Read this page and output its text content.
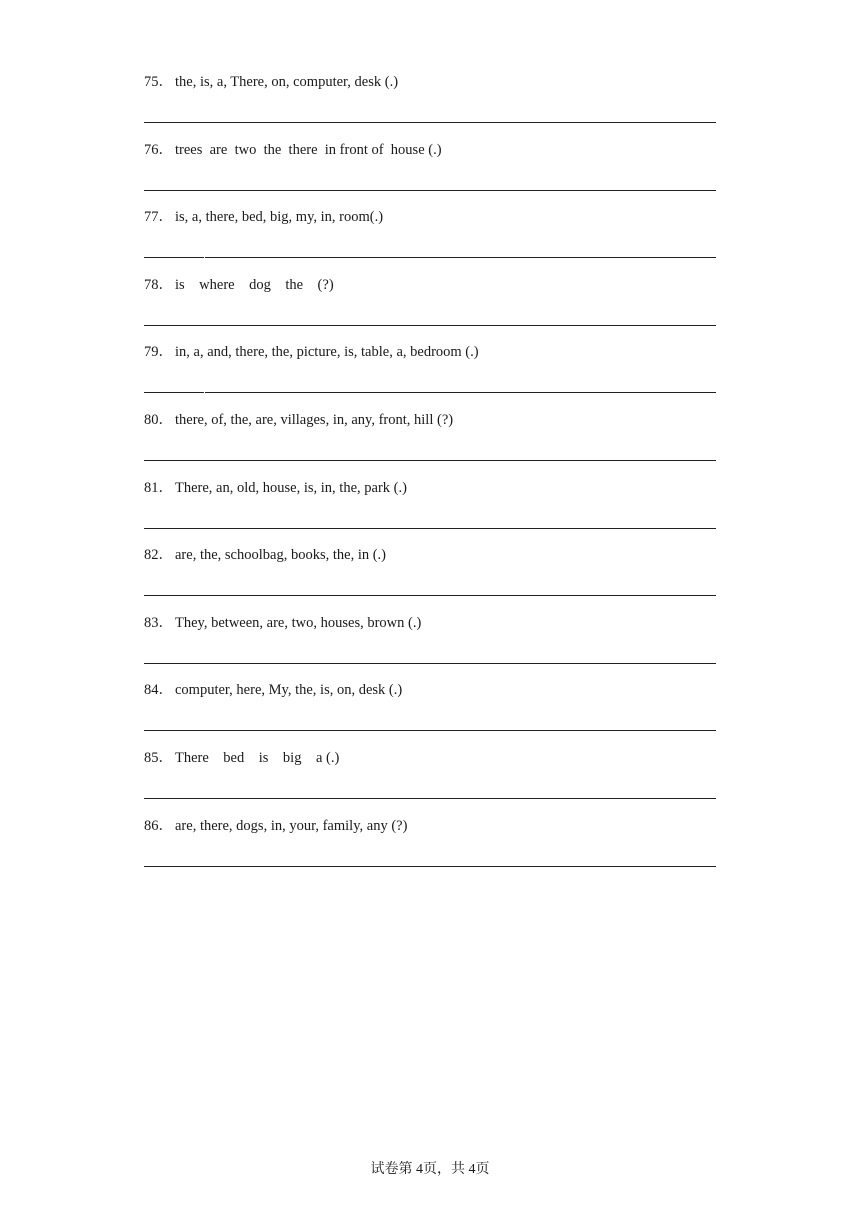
75． the, is, a, There, on, computer, desk (.)
76． trees  are  two  the  there  in front of  house (.)
77． is, a, there, bed, big, my, in, room(.)
78． is    where    dog    the    (?)
79． in, a, and, there, the, picture, is, table, a, bedroom (.)
80． there, of, the, are, villages, in, any, front, hill (?)
81． There, an, old, house, is, in, the, park (.)
82． are, the, schoolbag, books, the, in (.)
83． They, between, are, two, houses, brown (.)
84． computer, here, My, the, is, on, desk (.)
85． There    bed    is    big    a (.)
86． are, there, dogs, in, your, family, any (?)
试卷第 4页，共 4页
